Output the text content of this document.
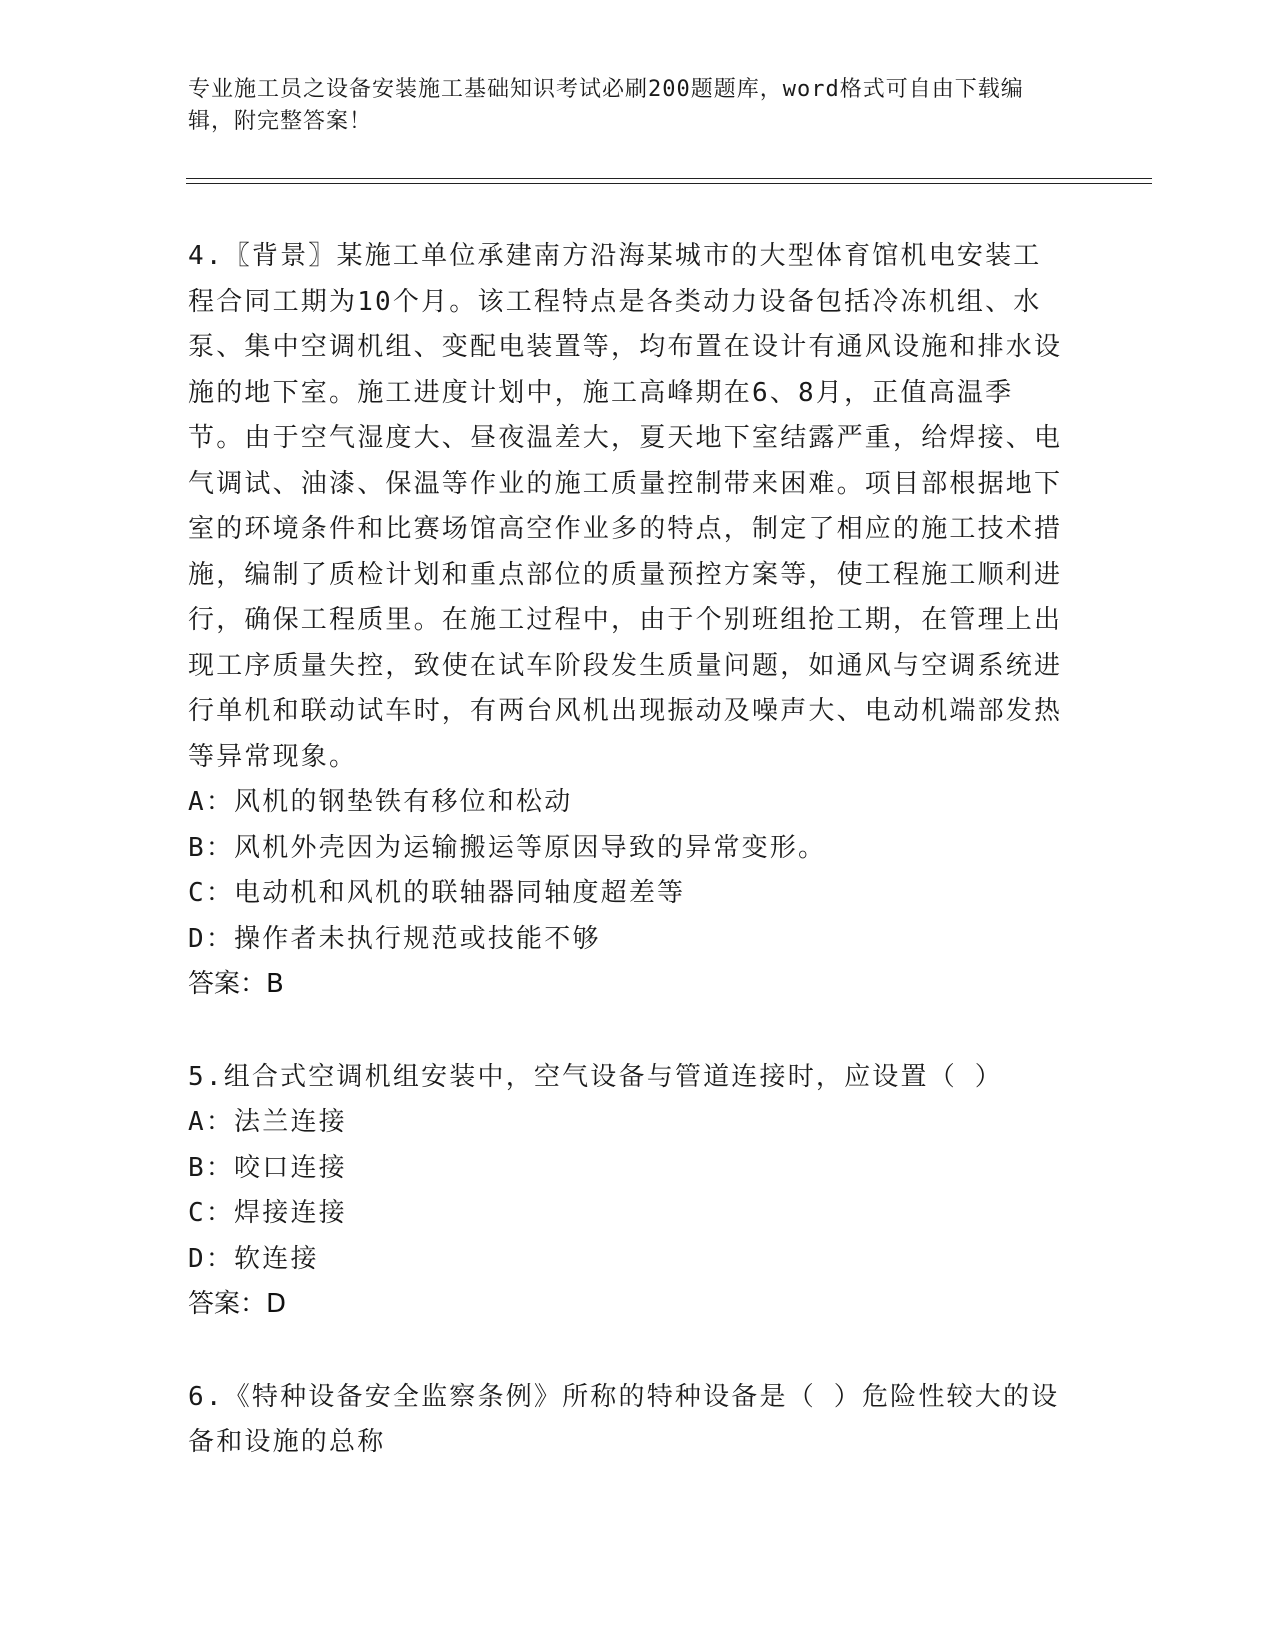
专业施工员之设备安装施工基础知识考试必刷200题题库，word格式可自由下载编辑，附完整答案！
4.〖背景〗某施工单位承建南方沿海某城市的大型体育馆机电安装工程合同工期为10个月。该工程特点是各类动力设备包括冷冻机组、水泵、集中空调机组、变配电装置等，均布置在设计有通风设施和排水设施的地下室。施工进度计划中，施工高峰期在6、8月，正值高温季节。由于空气湿度大、昼夜温差大，夏天地下室结露严重，给焊接、电气调试、油漆、保温等作业的施工质量控制带来困难。项目部根据地下室的环境条件和比赛场馆高空作业多的特点，制定了相应的施工技术措施，编制了质检计划和重点部位的质量预控方案等，使工程施工顺利进行，确保工程质里。在施工过程中，由于个别班组抢工期，在管理上出现工序质量失控，致使在试车阶段发生质量问题，如通风与空调系统进行单机和联动试车时，有两台风机出现振动及噪声大、电动机端部发热等异常现象。
A：风机的钢垫铁有移位和松动
B：风机外壳因为运输搬运等原因导致的异常变形。
C：电动机和风机的联轴器同轴度超差等
D：操作者未执行规范或技能不够
答案：B
5.组合式空调机组安装中，空气设备与管道连接时，应设置（ ）
A：法兰连接
B：咬口连接
C：焊接连接
D：软连接
答案：D
6.《特种设备安全监察条例》所称的特种设备是（ ）危险性较大的设备和设施的总称
